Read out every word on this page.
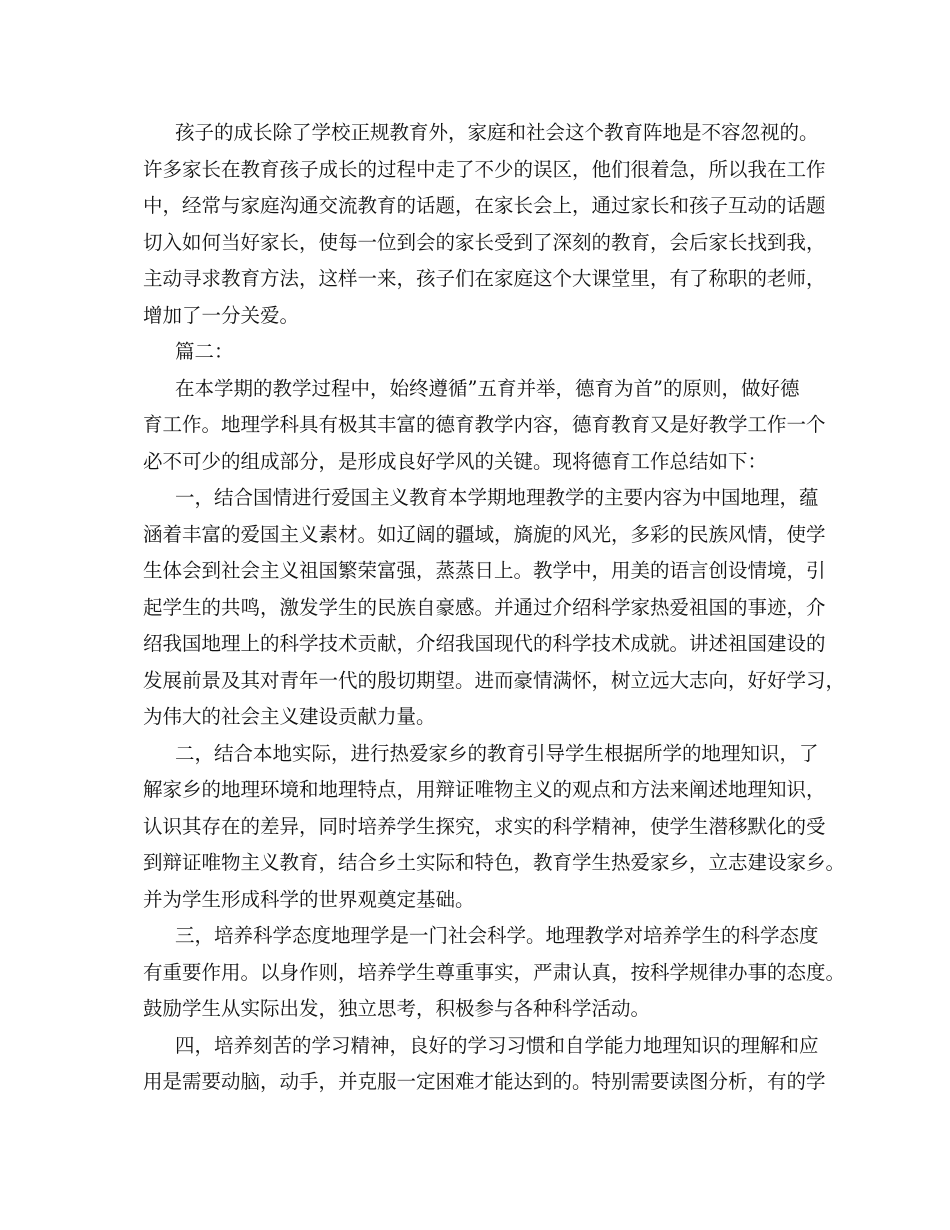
孩子的成长除了学校正规教育外，家庭和社会这个教育阵地是不容忽视的。
许多家长在教育孩子成长的过程中走了不少的误区，他们很着急，所以我在工作
中，经常与家庭沟通交流教育的话题，在家长会上，通过家长和孩子互动的话题
切入如何当好家长，使每一位到会的家长受到了深刻的教育，会后家长找到我，
主动寻求教育方法，这样一来，孩子们在家庭这个大课堂里，有了称职的老师，
增加了一分关爱。
篇二：
在本学期的教学过程中，始终遵循”五育并举，德育为首”的原则，做好德
育工作。地理学科具有极其丰富的德育教学内容，德育教育又是好教学工作一个
必不可少的组成部分，是形成良好学风的关键。现将德育工作总结如下：
一，结合国情进行爱国主义教育本学期地理教学的主要内容为中国地理，蕴
涵着丰富的爱国主义素材。如辽阔的疆域，旖旎的风光，多彩的民族风情，使学
生体会到社会主义祖国繁荣富强，蒸蒸日上。教学中，用美的语言创设情境，引
起学生的共鸣，激发学生的民族自豪感。并通过介绍科学家热爱祖国的事迹，介
绍我国地理上的科学技术贡献，介绍我国现代的科学技术成就。讲述祖国建设的
发展前景及其对青年一代的殷切期望。进而豪情满怀，树立远大志向，好好学习，
为伟大的社会主义建设贡献力量。
二，结合本地实际，进行热爱家乡的教育引导学生根据所学的地理知识，了
解家乡的地理环境和地理特点，用辩证唯物主义的观点和方法来阐述地理知识，
认识其存在的差异，同时培养学生探究，求实的科学精神，使学生潜移默化的受
到辩证唯物主义教育，结合乡土实际和特色，教育学生热爱家乡，立志建设家乡。
并为学生形成科学的世界观奠定基础。
三，培养科学态度地理学是一门社会科学。地理教学对培养学生的科学态度
有重要作用。以身作则，培养学生尊重事实，严肃认真，按科学规律办事的态度。
鼓励学生从实际出发，独立思考，积极参与各种科学活动。
四，培养刻苦的学习精神，良好的学习习惯和自学能力地理知识的理解和应
用是需要动脑，动手，并克服一定困难才能达到的。特别需要读图分析，有的学
